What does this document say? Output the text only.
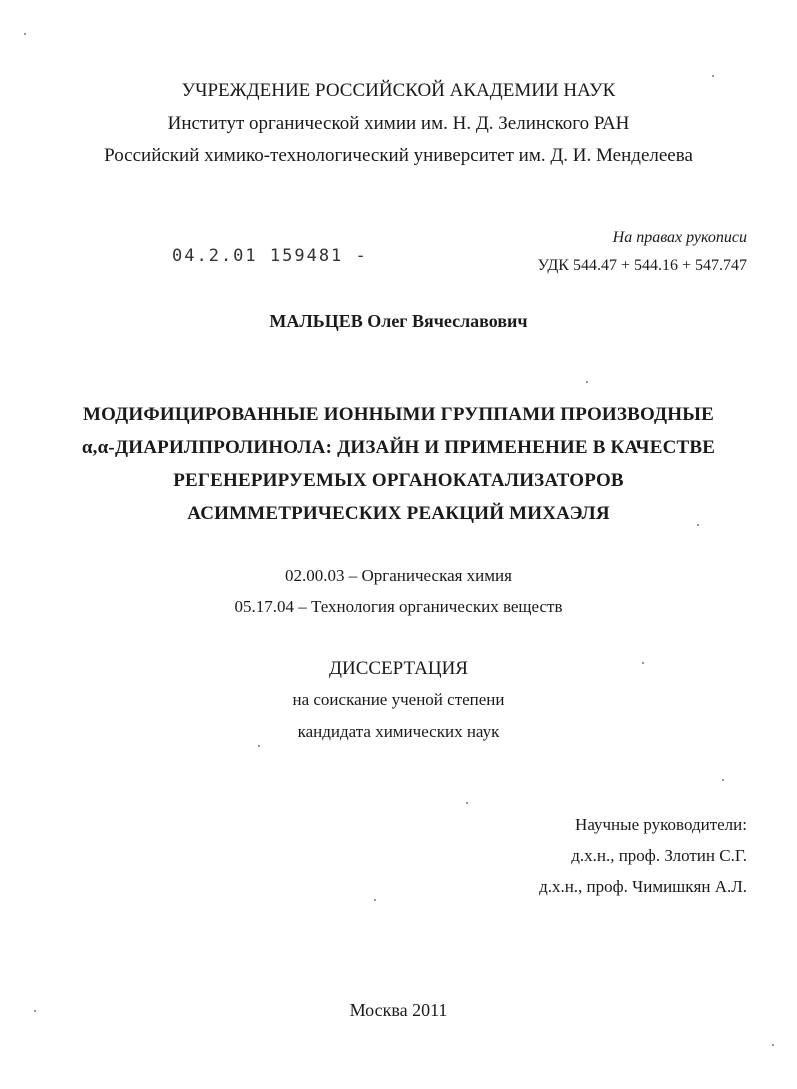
УЧРЕЖДЕНИЕ РОССИЙСКОЙ АКАДЕМИИ НАУК
Институт органической химии им. Н. Д. Зелинского РАН
Российский химико-технологический университет им. Д. И. Менделеева
04.2.01 159481 -
На правах рукописи
УДК 544.47 + 544.16 + 547.747
МАЛЬЦЕВ Олег Вячеславович
МОДИФИЦИРОВАННЫЕ ИОННЫМИ ГРУППАМИ ПРОИЗВОДНЫЕ
α,α-ДИАРИЛПРОЛИНОЛА: ДИЗАЙН И ПРИМЕНЕНИЕ В КАЧЕСТВЕ
РЕГЕНЕРИРУЕМЫХ ОРГАНОКАТАЛИЗАТОРОВ
АСИММЕТРИЧЕСКИХ РЕАКЦИЙ МИХАЭЛЯ
02.00.03 – Органическая химия
05.17.04 – Технология органических веществ
ДИССЕРТАЦИЯ
на соискание ученой степени
кандидата химических наук
Научные руководители:
д.х.н., проф. Злотин С.Г.
д.х.н., проф. Чимишкян А.Л.
Москва 2011
